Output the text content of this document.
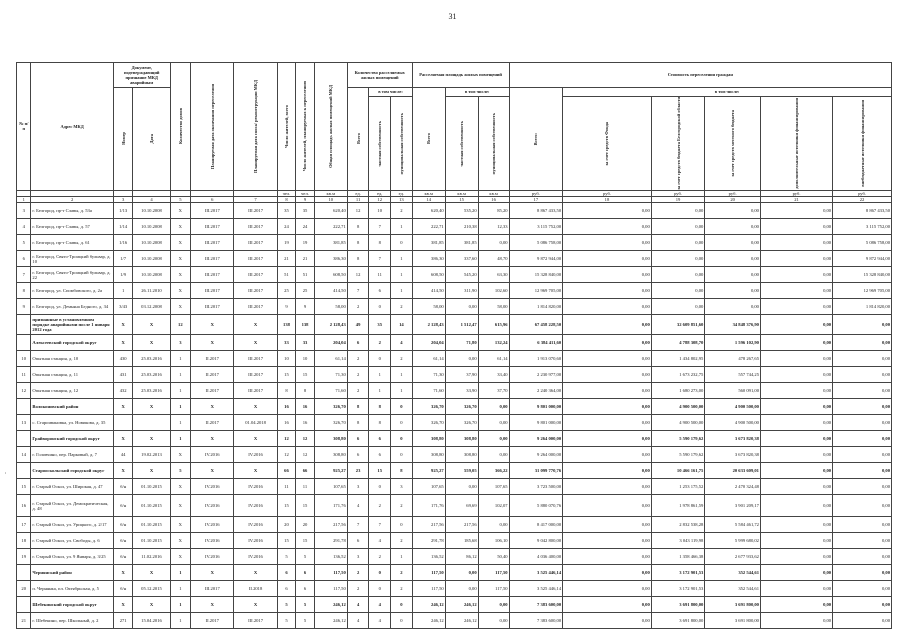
31
,
№ п/п	Адрес МКД	Документ, подтверждающий признание МКД аварийным		Количество домов	Планируемая дата окончания переселения	Планируемая дата сноса/ реконструкции МКД	Число жителей, всего	Число жителей, планируемых к переселению	Общая площадь жилых помещений МКД	Количество расселяемых жилых помещений			Расселяемая площадь жилых помещений			Стоимость переселения граждан					

		Номер	Дата							Всего	в том числе:		Всего	в том числе:		Всего:	в том числе:				

											частная собственность	муниципальная собственность		частная собственность	муниципальная собственность		за счет средств Фонда	за счет средств бюджета Белгородской области	за счет средств местного бюджета	дополнительные источники финансирования	внебюджетные источники финансирования

							чел.	чел.	кв.м	ед.	ед.	ед.	кв.м	кв.м	кв.м	руб.	руб.	руб.	руб.	руб.	руб.
1	2	3	4	5	6	7	8	9	10	11	12	13	14	15	16	17	18	19	20	21	22
3	г. Белгород, пр-т Славы, д. 53а	1/13	10.10.2008	X	III.2017	III.2017	35	35	620,40	12	10	2	620,40	535,20	85,20	8 867 433,50	0,00	0,00	0,00	0,00	8 867 433,50
4	г. Белгород, пр-т Славы, д. 57	1/14	10.10.2008	X	III.2017	III.2017	24	24	222,71	8	7	1	222,71	210,38	12,33	3 115 752,00	0,00	0,00	0,00	0,00	3 115 752,00
5	г. Белгород, пр-т Славы, д. 61	1/16	10.10.2008	X	III.2017	III.2017	19	19	381,85	8	8	0	381,85	381,85	0,00	5 086 758,00	0,00	0,00	0,00	0,00	5 086 758,00
6	г. Белгород, Свято-Троицкий бульвар, д. 10	1/7	10.10.2008	X	III.2017	III.2017	21	21	386,30	8	7	1	386,30	337,60	48,70	9 872 944,00	0,00	0,00	0,00	0,00	9 872 944,00
7	г. Белгород, Свято-Троицкий бульвар, д. 22	1/9	10.10.2008	X	III.2017	III.2017	51	51	608,50	12	11	1	608,50	545,20	63,30	15 328 840,00	0,00	0,00	0,00	0,00	15 328 840,00
8	г. Белгород, ул. Спомбовского, д. 2а	1	26.11.2010	X	III.2017	III.2017	25	25	414,50	7	6	1	414,50	311,90	102,60	12 969 705,00	0,00	0,00	0,00	0,00	12 969 705,00
9	г. Белгород, ул. Демьяна Бедного, д. 34	3/43	03.12.2008	X	III.2017	III.2017	9	9	58,00	2	0	2	58,00	0,00	58,00	1 814 820,00	0,00	0,00	0,00	0,00	1 814 820,00
	признанные в установленном порядке аварийными после 1 января 2012 года	X	X	12	X	X	138	138	2 128,43	49	35	14	2 128,43	1 512,47	615,96	67 458 228,50	0,00	32 609 851,60	34 848 376,90	0,00	0,00
	Алексеевский городской округ	X	X	3	X	X	33	33	204,04	6	2	4	204,04	71,80	132,24	6 384 411,60	0,00	4 788 308,70	1 596 102,90	0,00	0,00
10	Опытная станция, д. 10	430	25.03.2016	1	II.2017	III.2017	10	10	61,14	2	0	2	61,14	0,00	61,14	1 913 070,60	0,00	1 434 802,95	478 267,65	0,00	0,00
11	Опытная станция, д. 11	431	25.03.2016	1	II.2017	III.2017	15	15	71,30	2	1	1	71,30	37,90	33,40	2 230 977,00	0,00	1 673 232,75	557 744,25	0,00	0,00
12	Опытная станция, д. 12	432	25.03.2016	1	II.2017	III.2017	8	8	71,60	2	1	1	71,60	33,90	37,70	2 240 364,00	0,00	1 680 273,00	560 091,00	0,00	0,00
	Волоконовский район	X	X	1	X	X	16	16	326,70	8	8	0	326,70	326,70	0,00	9 801 000,00	0,00	4 900 500,00	4 900 500,00	0,00	0,00
13	с. Староивановка, ул. Новикова, д. 35			1	II.2017	01.04.2018	16	16	326,70	8	8	0	326,70	326,70	0,00	9 801 000,00	0,00	4 900 500,00	4 900 500,00	0,00	0,00
	Грайворонский городской округ	X	X	1	X	X	12	12	308,80	6	6	0	308,80	308,80	0,00	9 264 000,00	0,00	5 590 179,62	3 673 820,38	0,00	0,00
14	г. Головчино, пер. Парковый, д. 7	44	19.02.2013	X	IV.2016	IV.2016	12	12	308,80	6	6	0	308,80	308,80	0,00	9 264 000,00	0,00	5 590 179,62	3 673 820,38	0,00	0,00
	Старооскольский городской округ	X	X	5	X	X	66	66	925,27	23	15	8	925,27	559,05	366,22	31 099 770,76	0,00	10 466 161,75	20 633 609,01	0,00	0,00
15	г. Старый Оскол, ул. Широкая, д. 47	б/н	01.10.2015	X	IV.2016	IV.2016	11	11	107,65	3	0	3	107,65	0,00	107,65	3 723 500,00	0,00	1 253 175,52	2 470 324,48	0,00	0,00
16	г. Старый Оскол, ул. Демократическая, д. 48	б/н	01.10.2015	X	IV.2016	IV.2016	15	15	171,76	4	2	2	171,76	69,69	102,07	5 880 070,76	0,00	1 978 861,59	3 901 209,17	0,00	0,00
17	г. Старый Оскол, ул. Урицкого, д. 2/17	б/н	01.10.2015	X	IV.2016	IV.2016	20	20	217,56	7	7	0	217,56	217,56	0,00	8 417 000,00	0,00	2 832 538,28	5 584 461,72	0,00	0,00
18	г. Старый Оскол, ул. Свободы, д. 6	б/н	01.10.2015	X	IV.2016	IV.2016	15	15	291,78	6	4	2	291,78	185,68	106,10	9 042 800,00	0,00	3 043 119,98	5 999 680,02	0,00	0,00
19	г. Старый Оскол, ул. 9 Января, д. 3/25	б/н	11.02.2016	X	IV.2016	IV.2016	5	5	136,52	3	2	1	136,52	86,12	50,40	4 036 400,00	0,00	1 358 466,38	2 677 933,62	0,00	0,00
	Чернянский район	X	X	1	X	X	6	6	117,50	2	0	2	117,50	0,00	117,50	3 525 446,14	0,00	3 172 901,53	352 544,61	0,00	0,00
20	п. Чернянка, пл. Октябрьская, д. 5	б/н	05.12.2015	1	III.2017	II.2018	6	6	117,50	2	0	2	117,50	0,00	117,50	3 525 446,14	0,00	3 172 901,53	352 544,61	0,00	0,00
	Шебекинский городской округ	X	X	1	X	X	5	5	246,12	4	4	0	246,12	246,12	0,00	7 383 600,00	0,00	3 691 800,00	3 691 800,00	0,00	0,00
21	г. Шебекино, пер. Школьный, д. 2	271	15.04.2016	1	II.2017	III.2017	5	5	246,12	4	4	0	246,12	246,12	0,00	7 383 600,00	0,00	3 691 800,00	3 691 800,00	0,00	0,00
